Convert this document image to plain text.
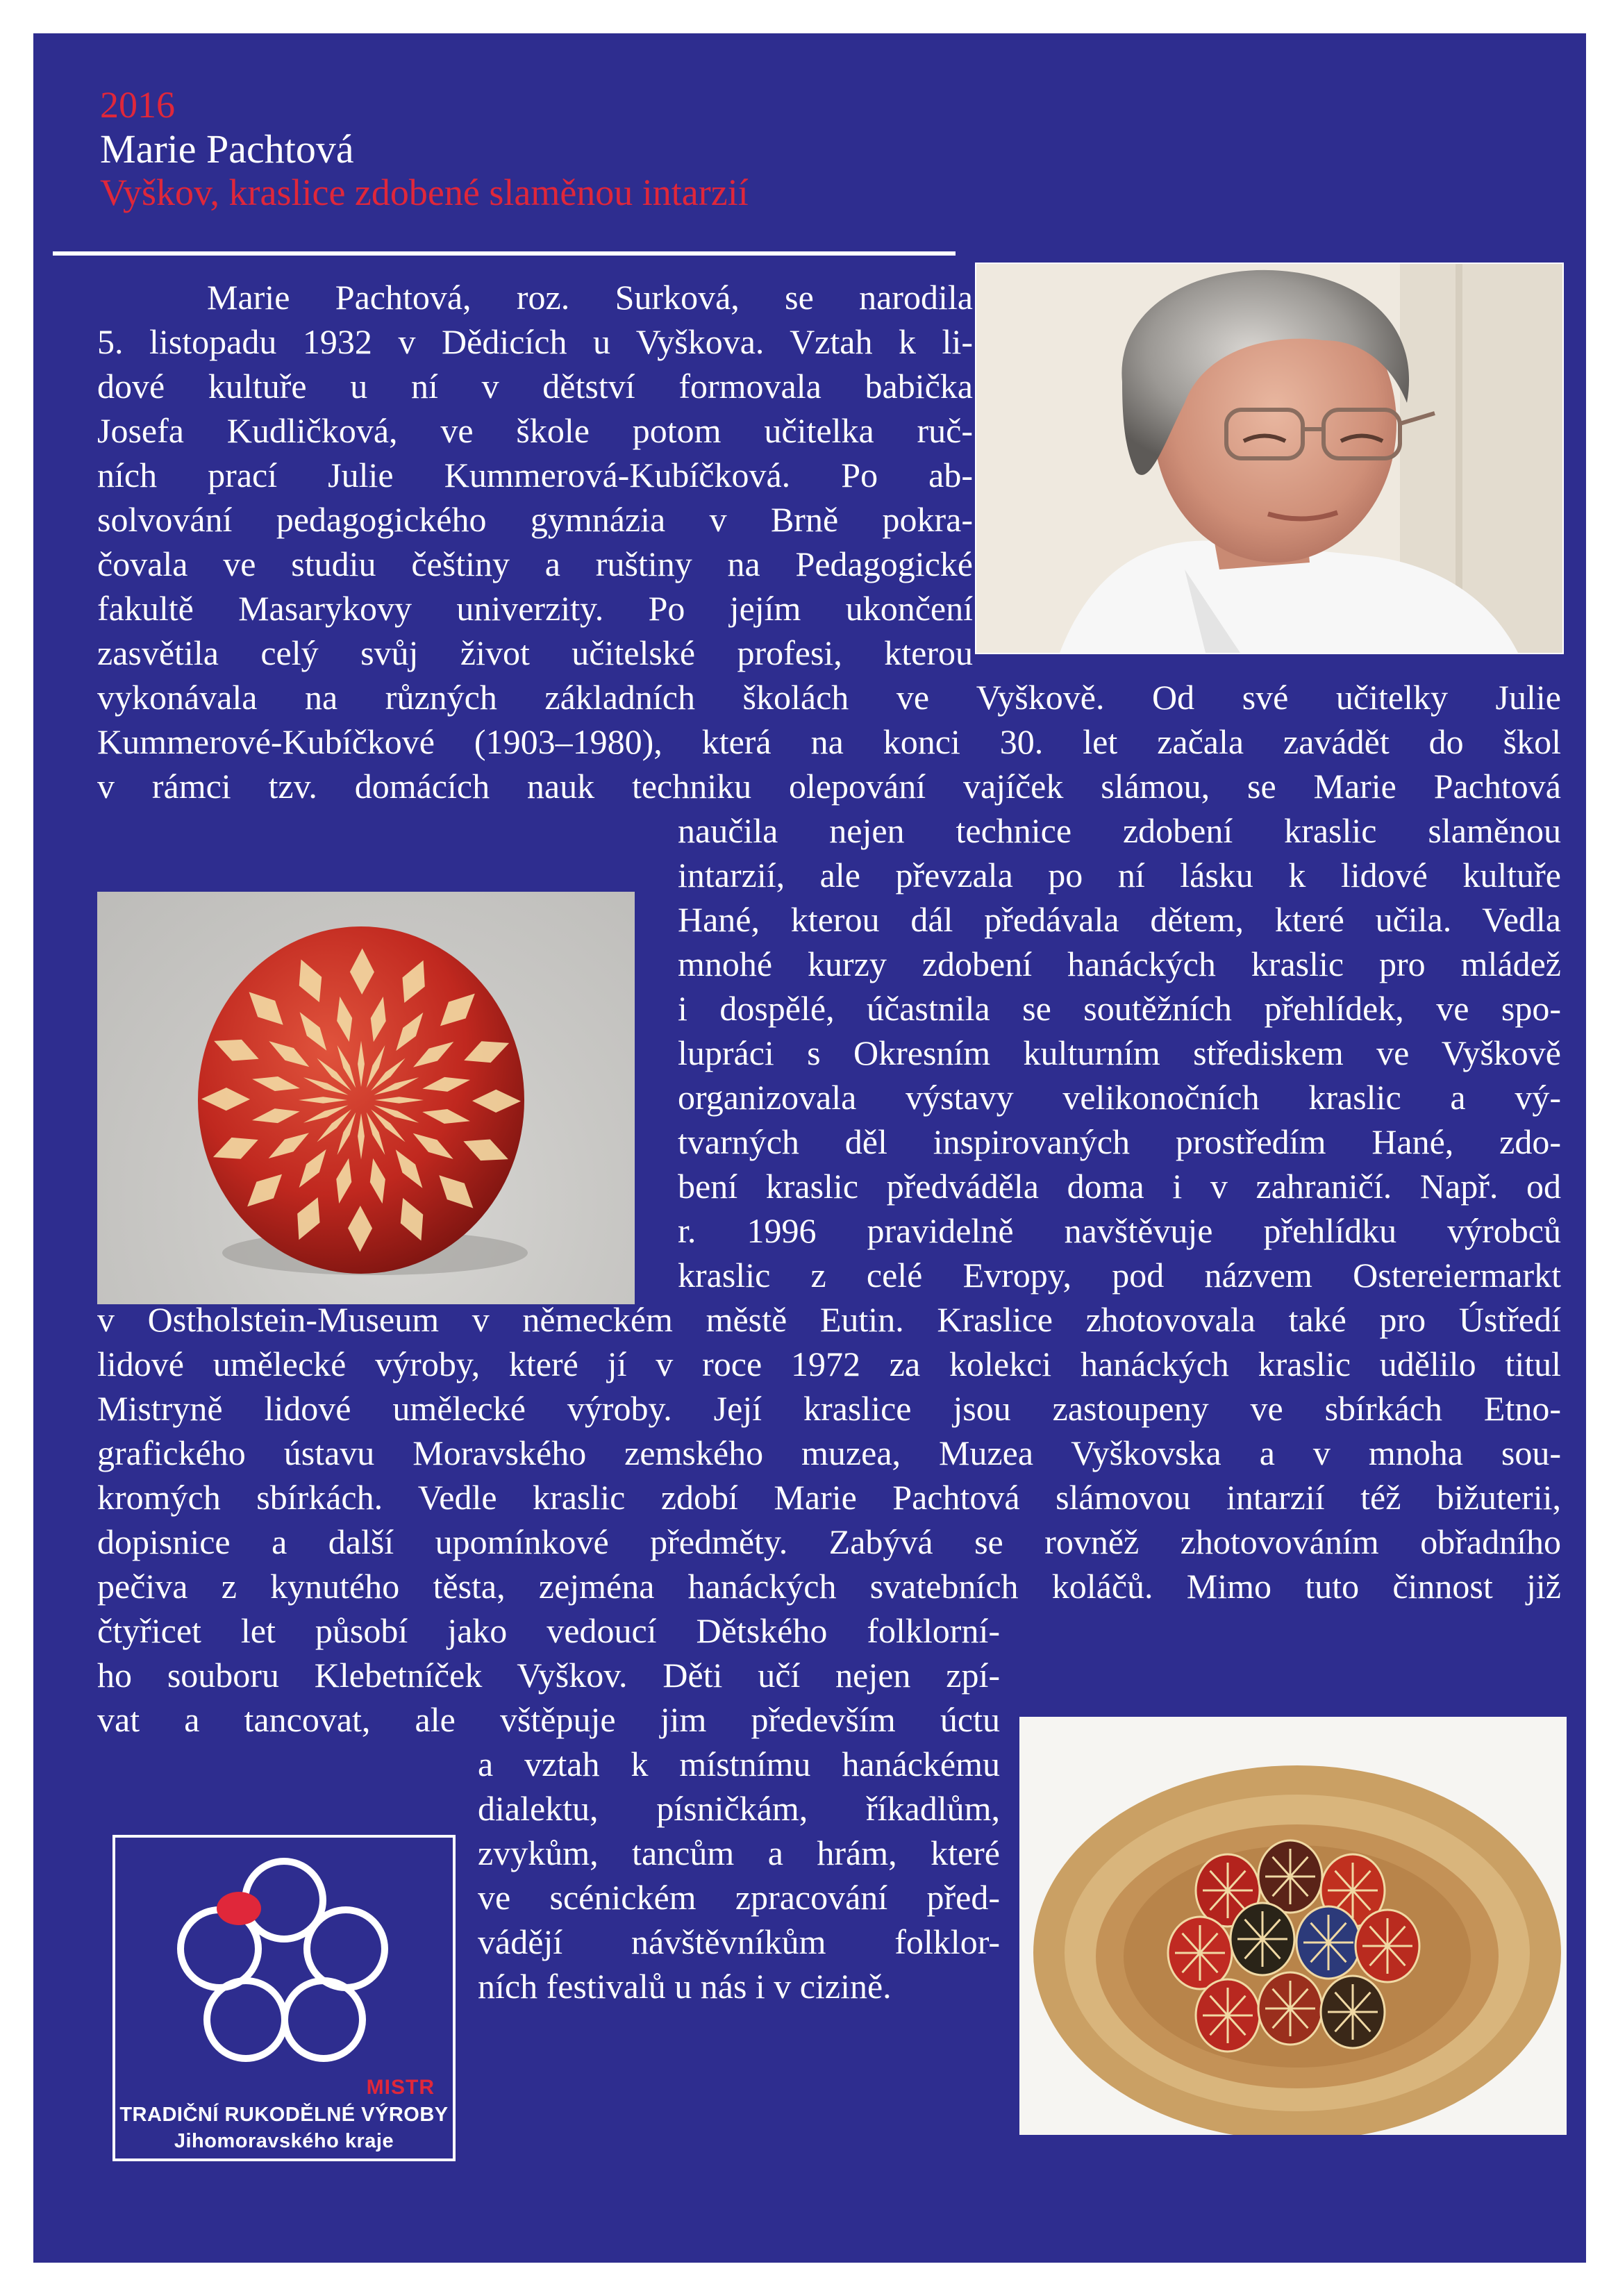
2016
Marie Pachtová
Vyškov, kraslice zdobené slaměnou intarzií
MISTR
TRADIČNÍ RUKODĚLNÉ VÝROBY
Jihomoravského kraje
Marie Pachtová, roz. Surková, se narodila
5. listopadu 1932 v Dědicích u Vyškova. Vztah k li-
dové kultuře u ní v dětství formovala babička
Josefa Kudličková, ve škole potom učitelka ruč-
ních prací Julie Kummerová-Kubíčková. Po ab-
solvování pedagogického gymnázia v Brně pokra-
čovala ve studiu češtiny a ruštiny na Pedagogické
fakultě Masarykovy univerzity. Po jejím ukončení
zasvětila celý svůj život učitelské profesi, kterou
vykonávala na různých základních školách ve Vyškově. Od své učitelky Julie
Kummerové-Kubíčkové (1903–1980), která na konci 30. let začala zavádět do škol
v rámci tzv. domácích nauk techniku olepování vajíček slámou, se Marie Pachtová
naučila nejen technice zdobení kraslic slaměnou
intarzií, ale převzala po ní lásku k lidové kultuře
Hané, kterou dál předávala dětem, které učila. Vedla
mnohé kurzy zdobení hanáckých kraslic pro mládež
i dospělé, účastnila se soutěžních přehlídek, ve spo-
lupráci s Okresním kulturním střediskem ve Vyškově
organizovala výstavy velikonočních kraslic a vý-
tvarných děl inspirovaných prostředím Hané, zdo-
bení kraslic předváděla doma i v zahraničí. Např. od
r. 1996 pravidelně navštěvuje přehlídku výrobců
kraslic z celé Evropy, pod názvem Ostereiermarkt
v Ostholstein-Museum v německém městě Eutin. Kraslice zhotovovala také pro Ústředí
lidové umělecké výroby, které jí v roce 1972 za kolekci hanáckých kraslic udělilo titul
Mistryně lidové umělecké výroby. Její kraslice jsou zastoupeny ve sbírkách Etno-
grafického ústavu Moravského zemského muzea, Muzea Vyškovska a v mnoha sou-
kromých sbírkách. Vedle kraslic zdobí Marie Pachtová slámovou intarzií též bižuterii,
dopisnice a další upomínkové předměty. Zabývá se rovněž zhotovováním obřadního
pečiva z kynutého těsta, zejména hanáckých svatebních koláčů. Mimo tuto činnost již
čtyřicet let působí jako vedoucí Dětského folklorní-
ho souboru Klebetníček Vyškov. Děti učí nejen zpí-
vat a tancovat, ale vštěpuje jim především úctu
a vztah k místnímu hanáckému
dialektu, písničkám, říkadlům,
zvykům, tancům a hrám, které
ve scénickém zpracování před-
vádějí návštěvníkům folklor-
ních festivalů u nás i v cizině.
